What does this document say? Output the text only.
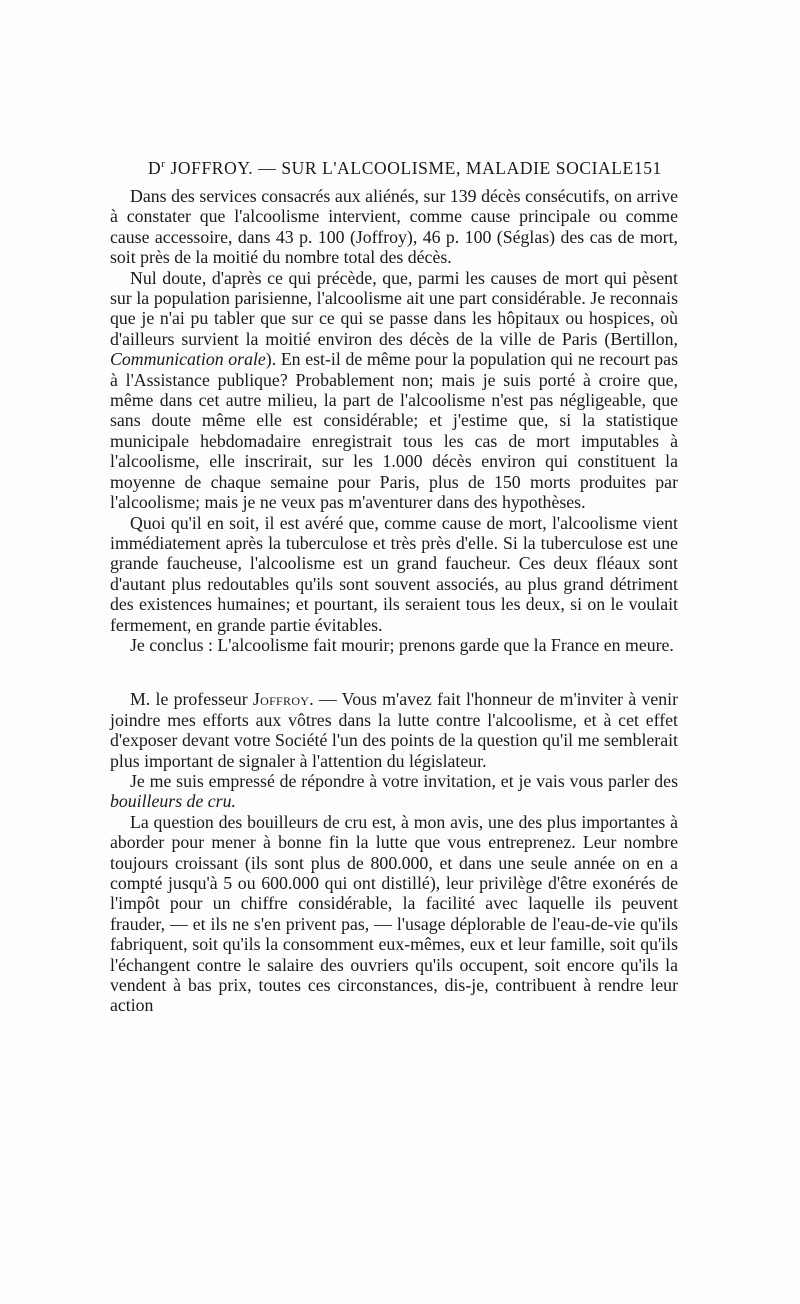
$D^r$ JOFFROY. — SUR L'ALCOOLISME, MALADIE SOCIALE 151

Dans des services consacrés aux aliénés, sur 139 décès consécutifs, on arrive à constater que l'alcoolisme intervient, comme cause principale ou comme cause accessoire, dans 43 p. 100 (Joffroy), 46 p. 100 (Séglas) des cas de mort, soit près de la moitié du nombre total des décès.

Nul doute, d'après ce qui précède, que, parmi les causes de mort qui pèsent sur la population parisienne, l'alcoolisme ait une part considérable. Je reconnais que je n'ai pu tabler que sur ce qui se passe dans les hôpitaux ou hospices, où d'ailleurs survient la moitié environ des décès de la ville de Paris (Bertillon, Communication orale). En est-il de même pour la population qui ne recourt pas à l'Assistance publique? Probablement non; mais je suis porté à croire que, même dans cet autre milieu, la part de l'alcoolisme n'est pas négligeable, que sans doute même elle est considérable; et j'estime que, si la statistique municipale hebdomadaire enregistrait tous les cas de mort imputables à l'alcoolisme, elle inscrirait, sur les 1.000 décès environ qui constituent la moyenne de chaque semaine pour Paris, plus de 150 morts produites par l'alcoolisme; mais je ne veux pas m'aventurer dans des hypothèses.

Quoi qu'il en soit, il est avéré que, comme cause de mort, l'alcoolisme vient immédiatement après la tuberculose et très près d'elle. Si la tuberculose est une grande faucheuse, l'alcoolisme est un grand faucheur. Ces deux fléaux sont d'autant plus redoutables qu'ils sont souvent associés, au plus grand détriment des existences humaines; et pourtant, ils seraient tous les deux, si on le voulait fermement, en grande partie évitables.

Je conclus : L'alcoolisme fait mourir; prenons garde que la France en meure.

M. le professeur Joffroy. — Vous m'avez fait l'honneur de m'inviter à venir joindre mes efforts aux vôtres dans la lutte contre l'alcoolisme, et à cet effet d'exposer devant votre Société l'un des points de la question qu'il me semblerait plus important de signaler à l'attention du législateur.

Je me suis empressé de répondre à votre invitation, et je vais vous parler des bouilleurs de cru.

La question des bouilleurs de cru est, à mon avis, une des plus importantes à aborder pour mener à bonne fin la lutte que vous entreprenez. Leur nombre toujours croissant (ils sont plus de 800.000, et dans une seule année on en a compté jusqu'à 5 ou 600.000 qui ont distillé), leur privilège d'être exonérés de l'impôt pour un chiffre considérable, la facilité avec laquelle ils peuvent frauder, — et ils ne s'en privent pas, — l'usage déplorable de l'eau-de-vie qu'ils fabriquent, soit qu'ils la consomment eux-mêmes, eux et leur famille, soit qu'ils l'échangent contre le salaire des ouvriers qu'ils occupent, soit encore qu'ils la vendent à bas prix, toutes ces circonstances, dis-je, contribuent à rendre leur action
